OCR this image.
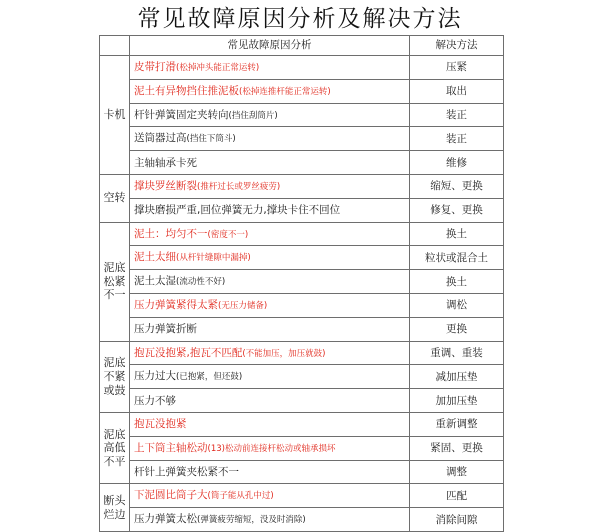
常见故障原因分析及解决方法
	常见故障原因分析	解决方法
卡机	皮带打滑(松掉冲头能正常运转)	压紧
	泥土有异物挡住推泥板(松掉连推杆能正常运转)	取出
	杆针弹簧固定夹转向(挡住刮筒片)	装正
	送筒器过高(挡住下筒斗)	装正
	主轴轴承卡死	维修
空转	撑块罗丝断裂(推杆过长或罗丝疲劳)	缩短、更换
	撑块磨损严重,回位弹簧无力,撑块卡住不回位	修复、更换
泥底松紧不一	泥土：均匀不一(密度不一)	换土
	泥土太细(从杆针缝隙中漏掉)	粒状或混合土
	泥土太湿(流动性不好)	换土
	压力弹簧紧得太紧(无压力储备)	调松
	压力弹簧折断	更换
泥底不紧或鼓	抱瓦没抱紧,抱瓦不匹配(不能加压，加压就鼓)	重调、重装
	压力过大(已抱紧，但还鼓)	减加压垫
	压力不够	加加压垫
泥底高低不平	抱瓦没抱紧	重新调整
	上下筒主轴松动(13)松动前连接杆松动或轴承损坏	紧固、更换
	杆针上弹簧夹松紧不一	调整
断头烂边	下泥圆比筒子大(筒子能从孔中过)	匹配
	压力弹簧太松(弹簧疲劳缩短，没及时消除)	消除间隙
